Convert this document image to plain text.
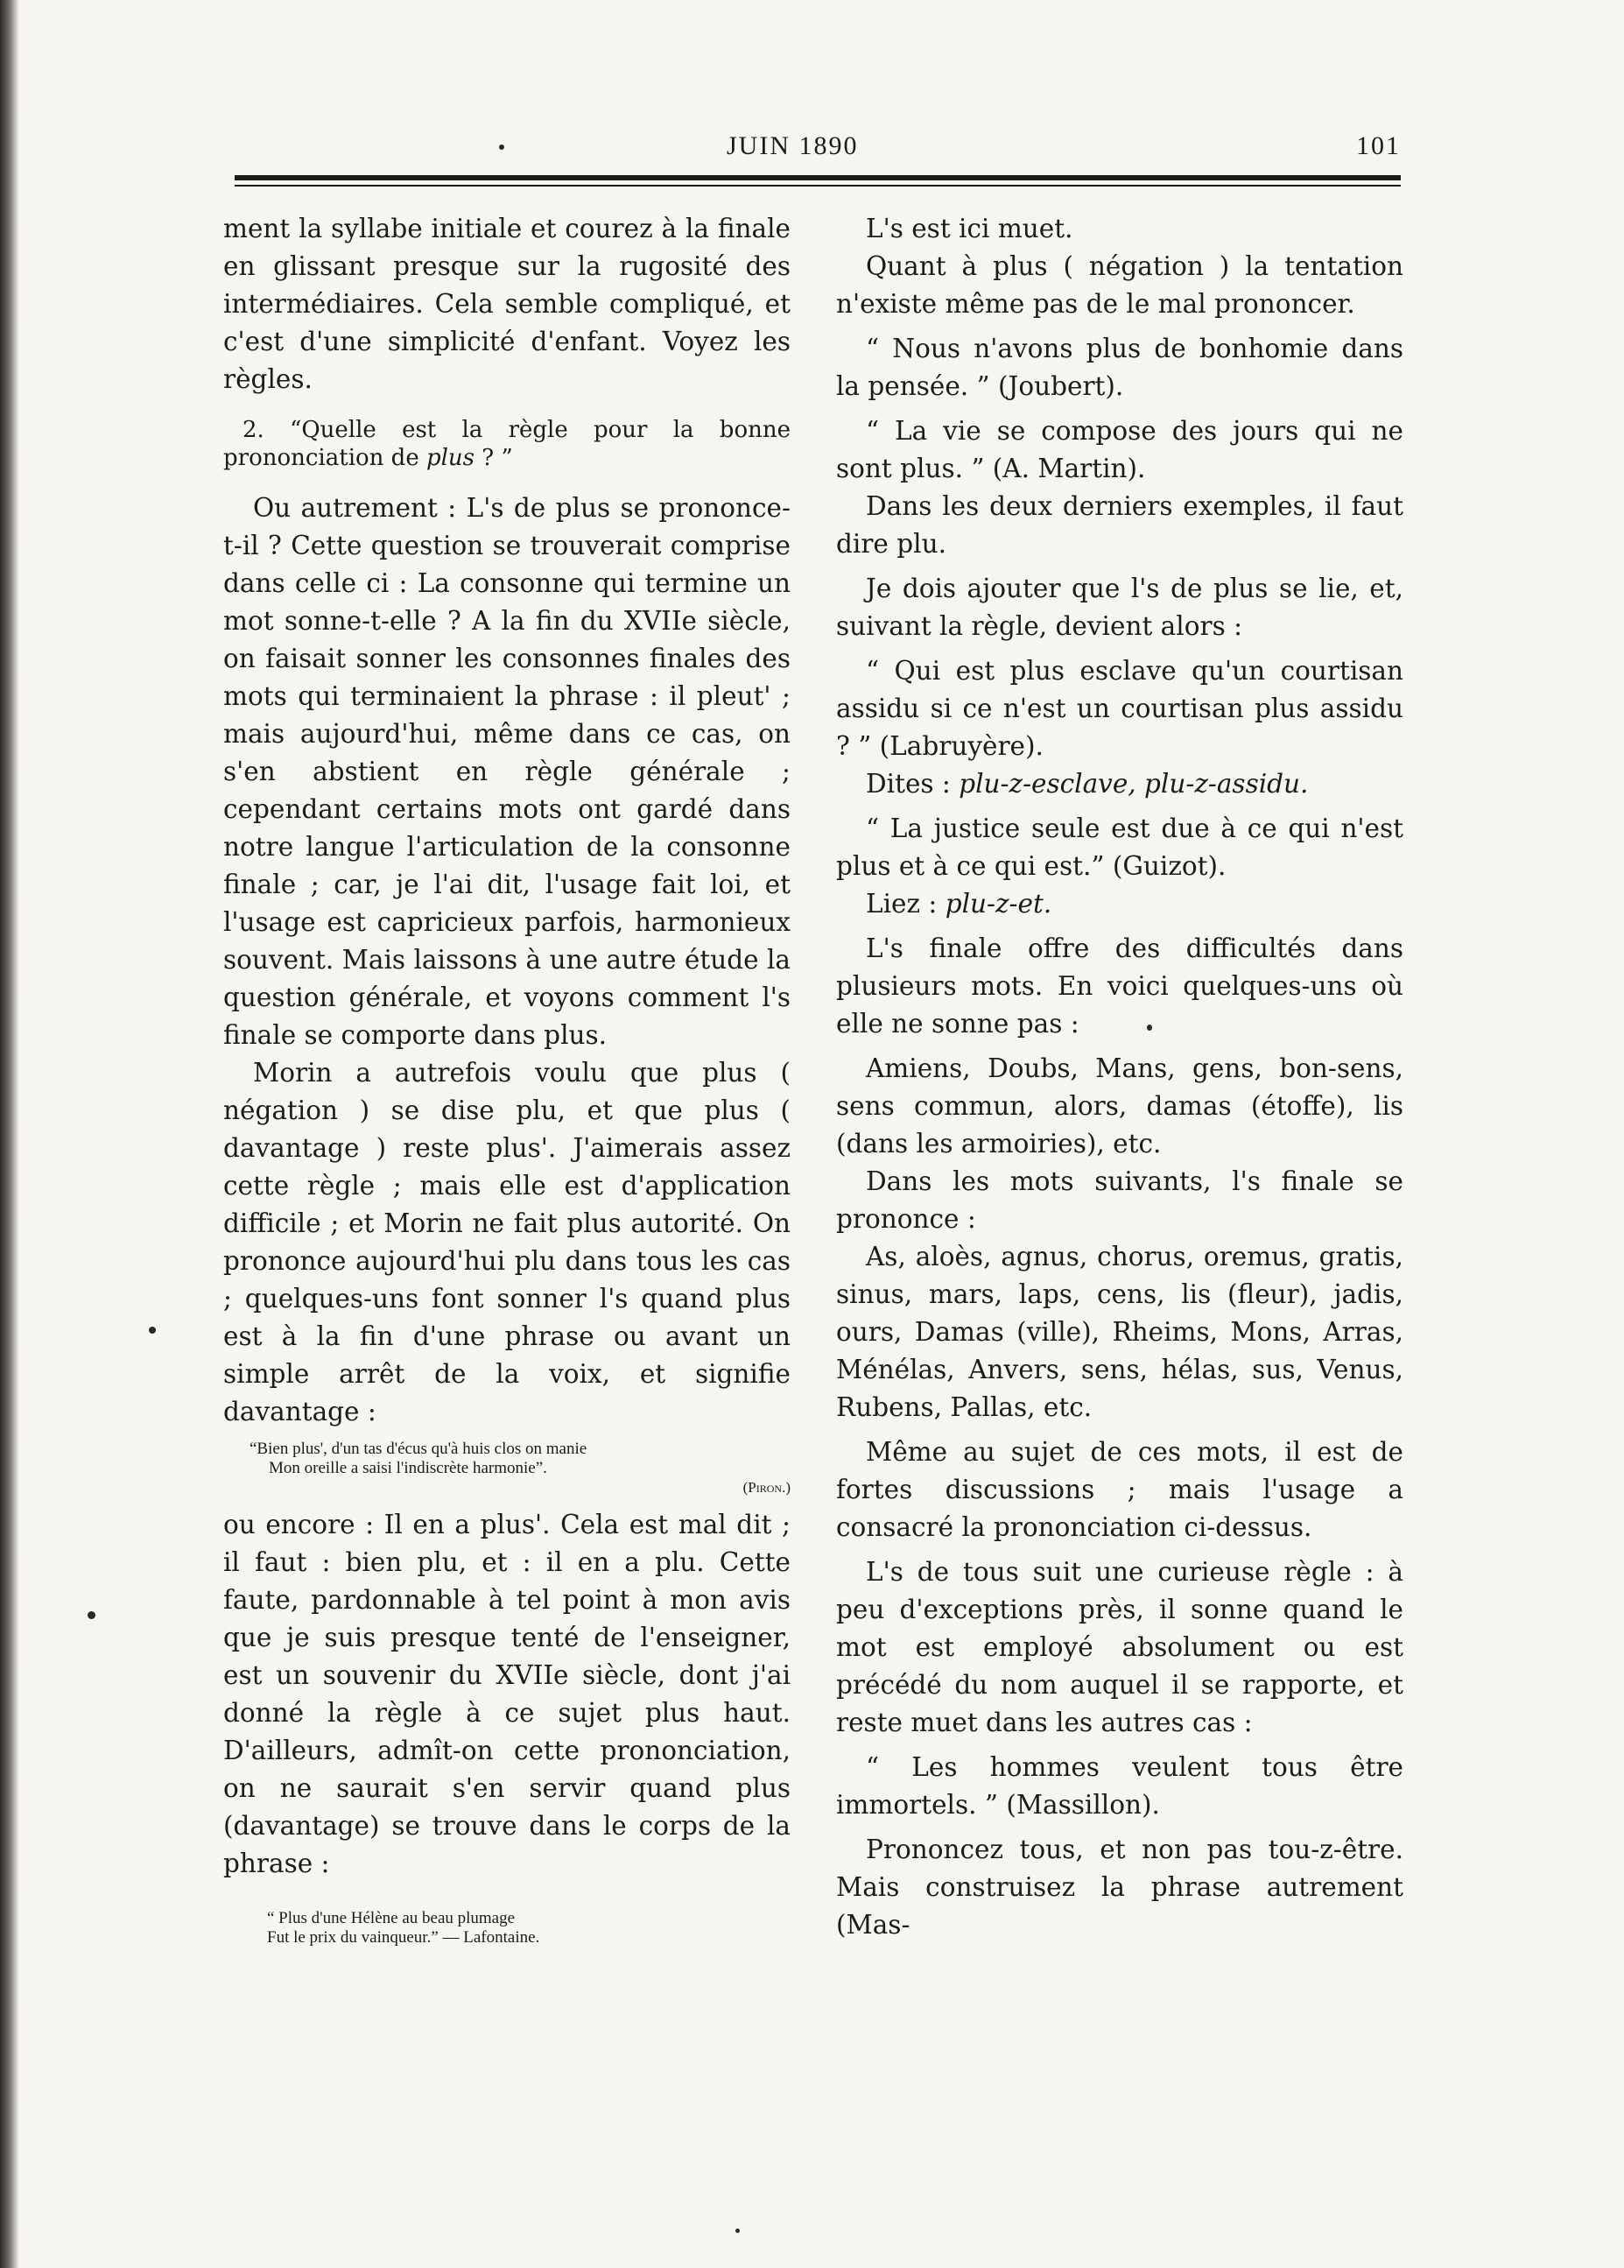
JUIN 1890	101

ment la syllabe initiale et courez à la finale en glissant presque sur la rugosité des intermédiaires. Cela semble compliqué, et c'est d'une simplicité d'enfant. Voyez les règles.

2. “Quelle est la règle pour la bonne prononciation de plus ? ”

Ou autrement : L's de plus se prononce-t-il ? Cette question se trouverait comprise dans celle ci : La consonne qui termine un mot sonne-t-elle ? A la fin du XVIIe siècle, on faisait sonner les consonnes finales des mots qui terminaient la phrase : il pleut' ; mais aujourd'hui, même dans ce cas, on s'en abstient en règle générale ; cependant certains mots ont gardé dans notre langue l'articulation de la consonne finale ; car, je l'ai dit, l'usage fait loi, et l'usage est capricieux parfois, harmonieux souvent. Mais laissons à une autre étude la question générale, et voyons comment l's finale se comporte dans plus.

Morin a autrefois voulu que plus ( négation ) se dise plu, et que plus ( davantage ) reste plus'. J'aimerais assez cette règle ; mais elle est d'application difficile ; et Morin ne fait plus autorité. On prononce aujourd'hui plu dans tous les cas ; quelques-uns font sonner l's quand plus est à la fin d'une phrase ou avant un simple arrêt de la voix, et signifie davantage :

“Bien plus', d'un tas d'écus qu'à huis clos on manie
Mon oreille a saisi l'indiscrète harmonie”.
(Piron.)

ou encore : Il en a plus'. Cela est mal dit ; il faut : bien plu, et : il en a plu. Cette faute, pardonnable à tel point à mon avis que je suis presque tenté de l'enseigner, est un souvenir du XVIIe siècle, dont j'ai donné la règle à ce sujet plus haut. D'ailleurs, admît-on cette prononciation, on ne saurait s'en servir quand plus (davantage) se trouve dans le corps de la phrase :

“ Plus d'une Hélène au beau plumage
Fut le prix du vainqueur.” — Lafontaine.

L's est ici muet.

Quant à plus ( négation ) la tentation n'existe même pas de le mal prononcer.

“ Nous n'avons plus de bonhomie dans la pensée. ” (Joubert).

“ La vie se compose des jours qui ne sont plus. ” (A. Martin).

Dans les deux derniers exemples, il faut dire plu.

Je dois ajouter que l's de plus se lie, et, suivant la règle, devient alors :

“ Qui est plus esclave qu'un courtisan assidu si ce n'est un courtisan plus assidu ? ” (Labruyère).

Dites : plu-z-esclave, plu-z-assidu.

“ La justice seule est due à ce qui n'est plus et à ce qui est.” (Guizot).

Liez : plu-z-et.

L's finale offre des difficultés dans plusieurs mots. En voici quelques-uns où elle ne sonne pas :

Amiens, Doubs, Mans, gens, bon-sens, sens commun, alors, damas (étoffe), lis (dans les armoiries), etc.

Dans les mots suivants, l's finale se prononce :

As, aloès, agnus, chorus, oremus, gratis, sinus, mars, laps, cens, lis (fleur), jadis, ours, Damas (ville), Rheims, Mons, Arras, Ménélas, Anvers, sens, hélas, sus, Venus, Rubens, Pallas, etc.

Même au sujet de ces mots, il est de fortes discussions ; mais l'usage a consacré la prononciation ci-dessus.

L's de tous suit une curieuse règle : à peu d'exceptions près, il sonne quand le mot est employé absolument ou est précédé du nom auquel il se rapporte, et reste muet dans les autres cas :

“ Les hommes veulent tous être immortels. ” (Massillon).

Prononcez tous, et non pas tou-z-être. Mais construisez la phrase autrement (Mas-
